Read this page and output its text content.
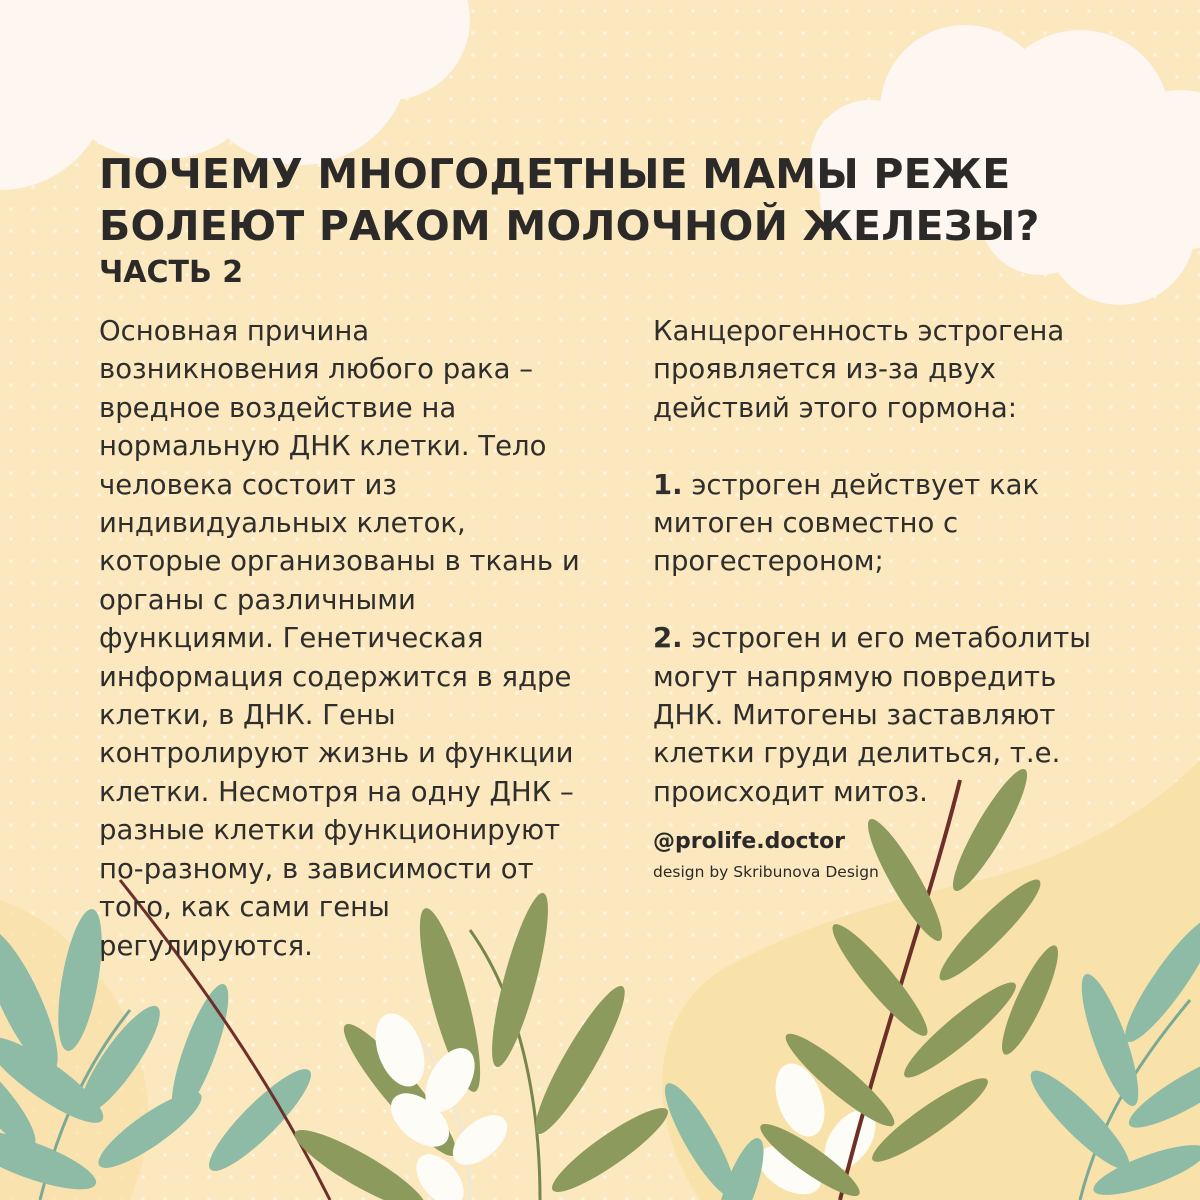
ПОЧЕМУ МНОГОДЕТНЫЕ МАМЫ РЕЖЕ
БОЛЕЮТ РАКОМ МОЛОЧНОЙ ЖЕЛЕЗЫ?
ЧАСТЬ 2
Основная причина
возникновения любого рака –
вредное воздействие на
нормальную ДНК клетки. Тело
человека состоит из
индивидуальных клеток,
которые организованы в ткань и
органы с различными
функциями. Генетическая
информация содержится в ядре
клетки, в ДНК. Гены
контролируют жизнь и функции
клетки. Несмотря на одну ДНК –
разные клетки функционируют
по-разному, в зависимости от
того, как сами гены
регулируются.
Канцерогенность эстрогена
проявляется из-за двух
действий этого гормона:
1. эстроген действует как
митоген совместно с
прогестероном;
2. эстроген и его метаболиты
могут напрямую повредить
ДНК. Митогены заставляют
клетки груди делиться, т.е.
происходит митоз.
@prolife.doctor
design by Skribunova Design
